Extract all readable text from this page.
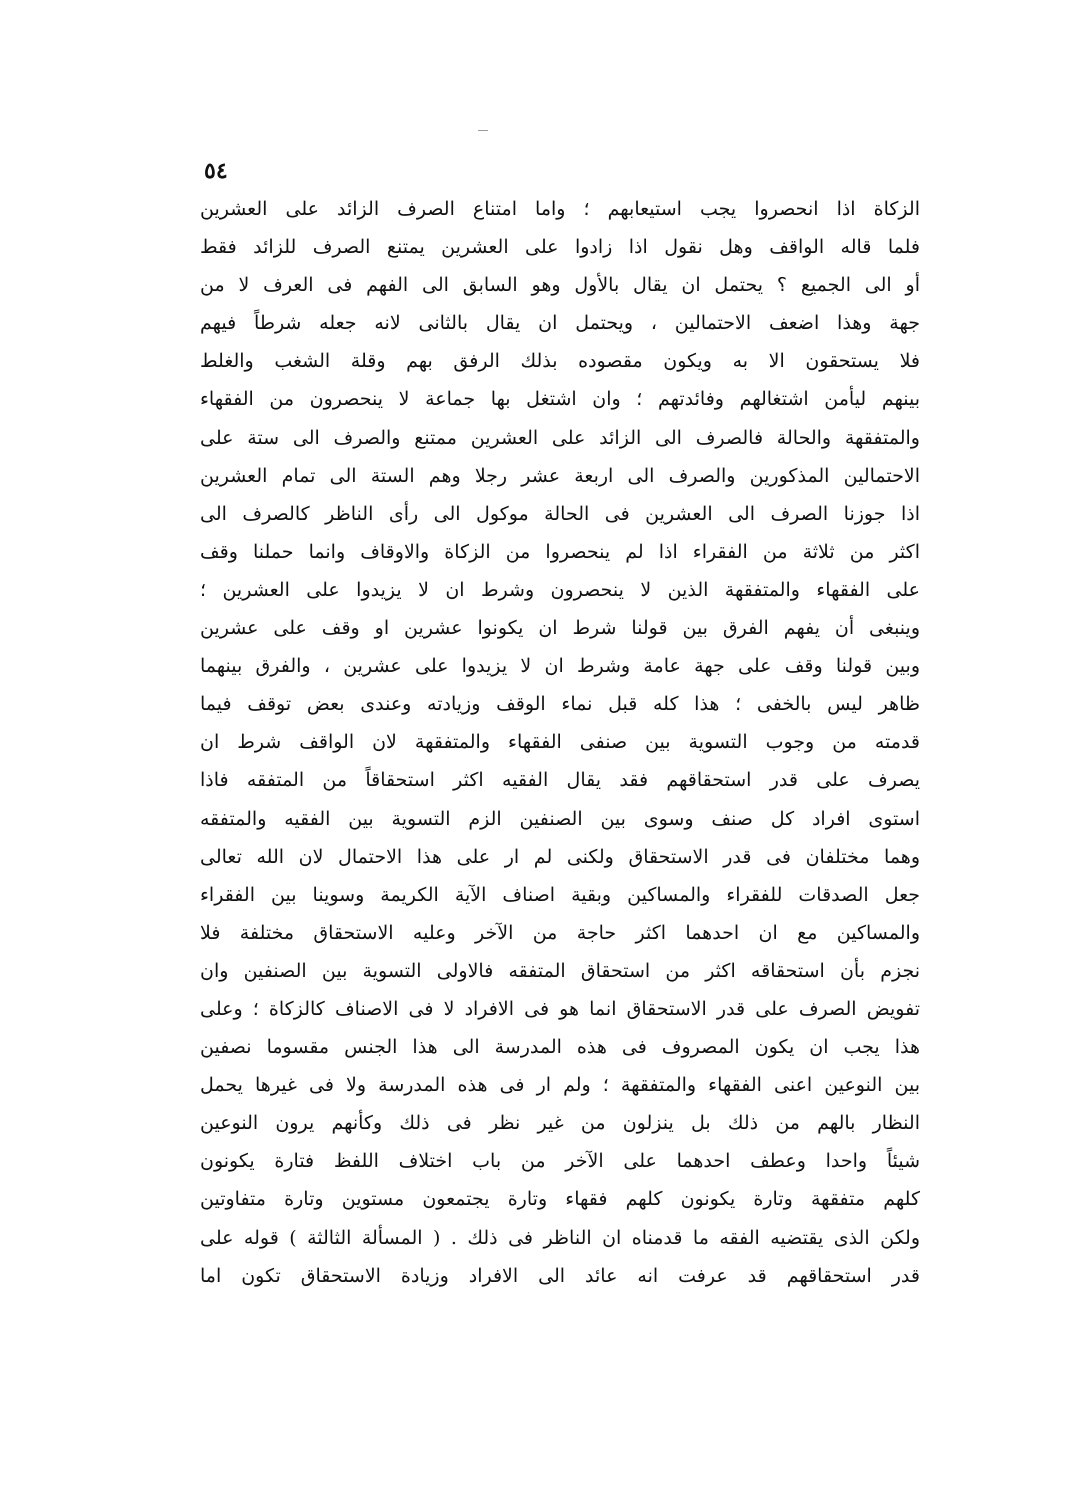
٥٤
الزكاة اذا انحصروا يجب استيعابهم ؛ واما امتناع الصرف الزائد على العشرين
فلما قاله الواقف وهل نقول اذا زادوا على العشرين يمتنع الصرف للزائد فقط
أو الى الجميع ؟ يحتمل ان يقال بالأول وهو السابق الى الفهم فى العرف لا من
جهة وهذا اضعف الاحتمالين ، ويحتمل ان يقال بالثانى لانه جعله شرطاً فيهم
فلا يستحقون الا به ويكون مقصوده بذلك الرفق بهم وقلة الشغب والغلط
بينهم ليأمن اشتغالهم وفائدتهم ؛ وان اشتغل بها جماعة لا ينحصرون من الفقهاء
والمتفقهة والحالة فالصرف الى الزائد على العشرين ممتنع والصرف الى ستة على
الاحتمالين المذكورين والصرف الى اربعة عشر رجلا وهم الستة الى تمام العشرين
اذا جوزنا الصرف الى العشرين فى الحالة موكول الى رأى الناظر كالصرف الى
اكثر من ثلاثة من الفقراء اذا لم ينحصروا من الزكاة والاوقاف وانما حملنا وقف
على الفقهاء والمتفقهة الذين لا ينحصرون وشرط ان لا يزيدوا على العشرين ؛
وينبغى أن يفهم الفرق بين قولنا شرط ان يكونوا عشرين او وقف على عشرين
وبين قولنا وقف على جهة عامة وشرط ان لا يزيدوا على عشرين ، والفرق بينهما
ظاهر ليس بالخفى ؛ هذا كله قبل نماء الوقف وزيادته وعندى بعض توقف فيما
قدمته من وجوب التسوية بين صنفى الفقهاء والمتفقهة لان الواقف شرط ان
يصرف على قدر استحقاقهم فقد يقال الفقيه اكثر استحقاقاً من المتفقه فاذا
استوى افراد كل صنف وسوى بين الصنفين الزم التسوية بين الفقيه والمتفقه
وهما مختلفان فى قدر الاستحقاق ولكنى لم ار على هذا الاحتمال لان الله تعالى
جعل الصدقات للفقراء والمساكين وبقية اصناف الآية الكريمة وسوينا بين الفقراء
والمساكين مع ان احدهما اكثر حاجة من الآخر وعليه الاستحقاق مختلفة فلا
نجزم بأن استحقاقه اكثر من استحقاق المتفقه فالاولى التسوية بين الصنفين وان
تفويض الصرف على قدر الاستحقاق انما هو فى الافراد لا فى الاصناف كالزكاة ؛ وعلى
هذا يجب ان يكون المصروف فى هذه المدرسة الى هذا الجنس مقسوما نصفين
بين النوعين اعنى الفقهاء والمتفقهة ؛ ولم ار فى هذه المدرسة ولا فى غيرها يحمل
النظار بالهم من ذلك بل ينزلون من غير نظر فى ذلك وكأنهم يرون النوعين
شيئاً واحدا وعطف احدهما على الآخر من باب اختلاف اللفظ فتارة يكونون
كلهم متفقهة وتارة يكونون كلهم فقهاء وتارة يجتمعون مستوين وتارة متفاوتين
ولكن الذى يقتضيه الفقه ما قدمناه ان الناظر فى ذلك . ( المسألة الثالثة ) قوله على
قدر استحقاقهم قد عرفت انه عائد الى الافراد وزيادة الاستحقاق تكون اما
